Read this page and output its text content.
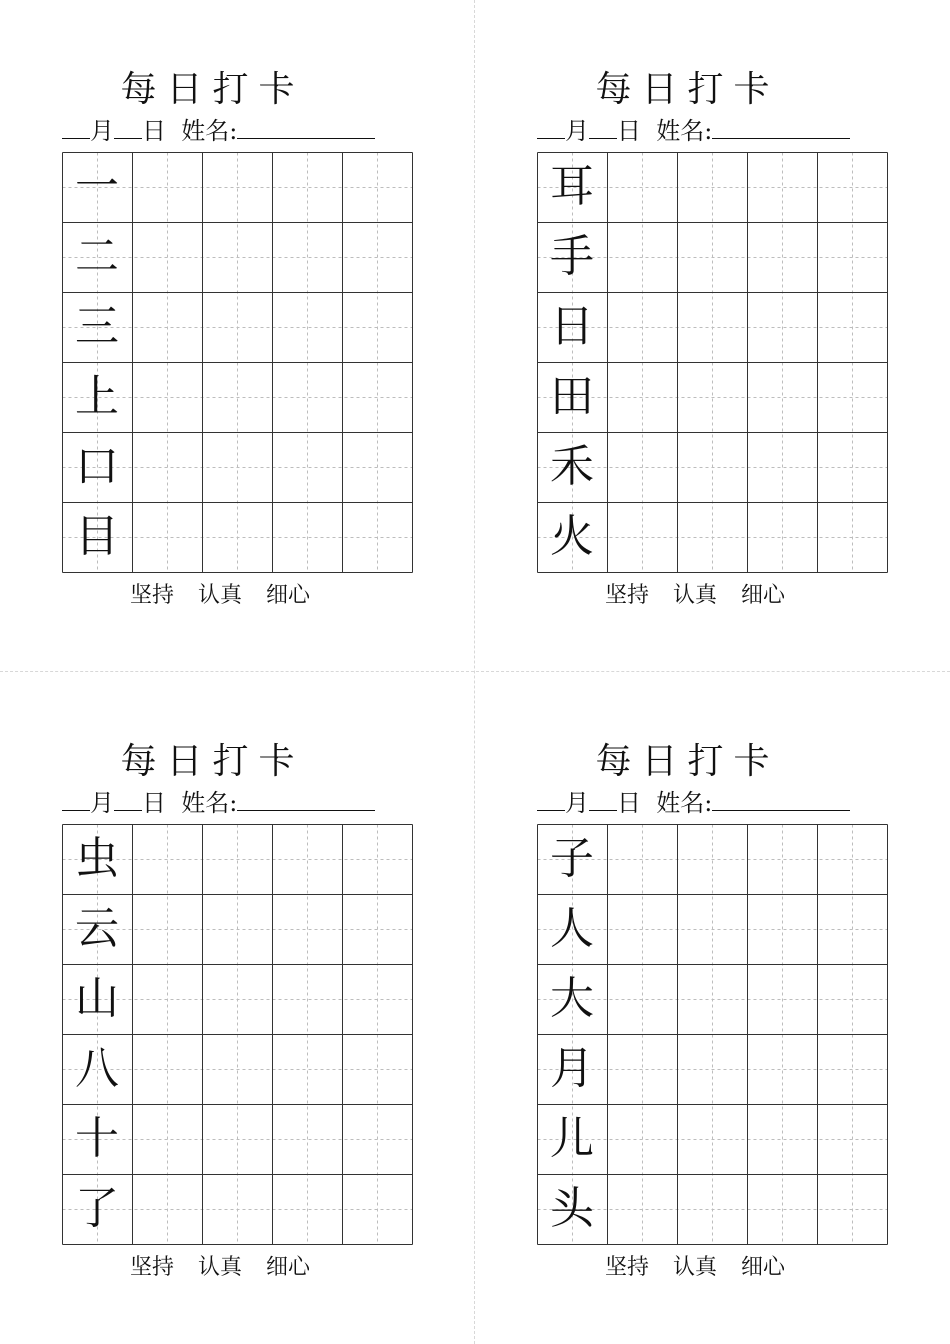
每日打卡
月 日 姓名:
一
二
三
上
口
目
坚持 认真 细心
每日打卡
月 日 姓名:
耳
手
日
田
禾
火
坚持 认真 细心
每日打卡
月 日 姓名:
虫
云
山
八
十
了
坚持 认真 细心
每日打卡
月 日 姓名:
子
人
大
月
儿
头
坚持 认真 细心
